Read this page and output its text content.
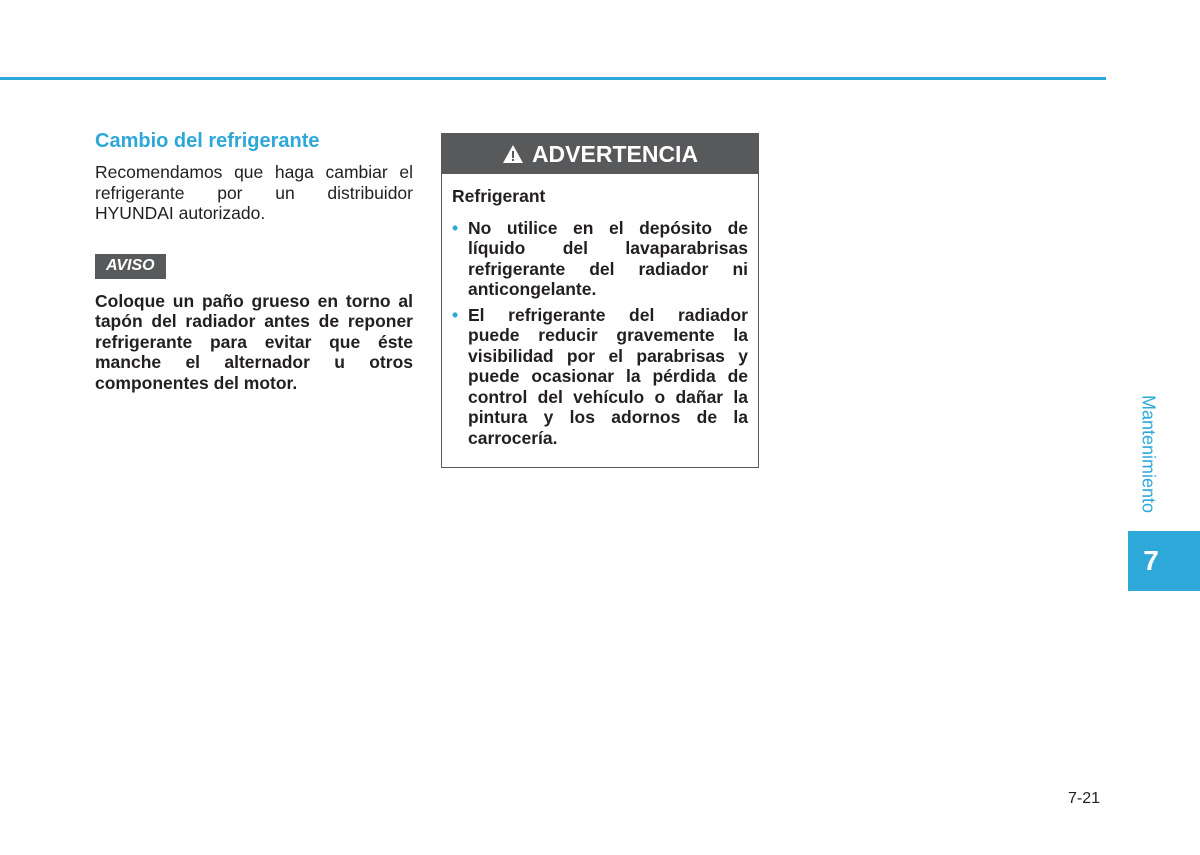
Cambio del refrigerante

Recomendamos que haga cambiar el refrigerante por un distribuidor HYUNDAI autorizado.

AVISO

Coloque un paño grueso en torno al tapón del radiador antes de reponer refrigerante para evitar que éste manche el alternador u otros componentes del motor.

ADVERTENCIA

Refrigerant

• No utilice en el depósito de líquido del lavaparabrisas refrigerante del radiador ni anticongelante.
• El refrigerante del radiador puede reducir gravemente la visibilidad por el parabrisas y puede ocasionar la pérdida de control del vehículo o dañar la pintura y los adornos de la carrocería.	Mantenimiento
7
7-21
